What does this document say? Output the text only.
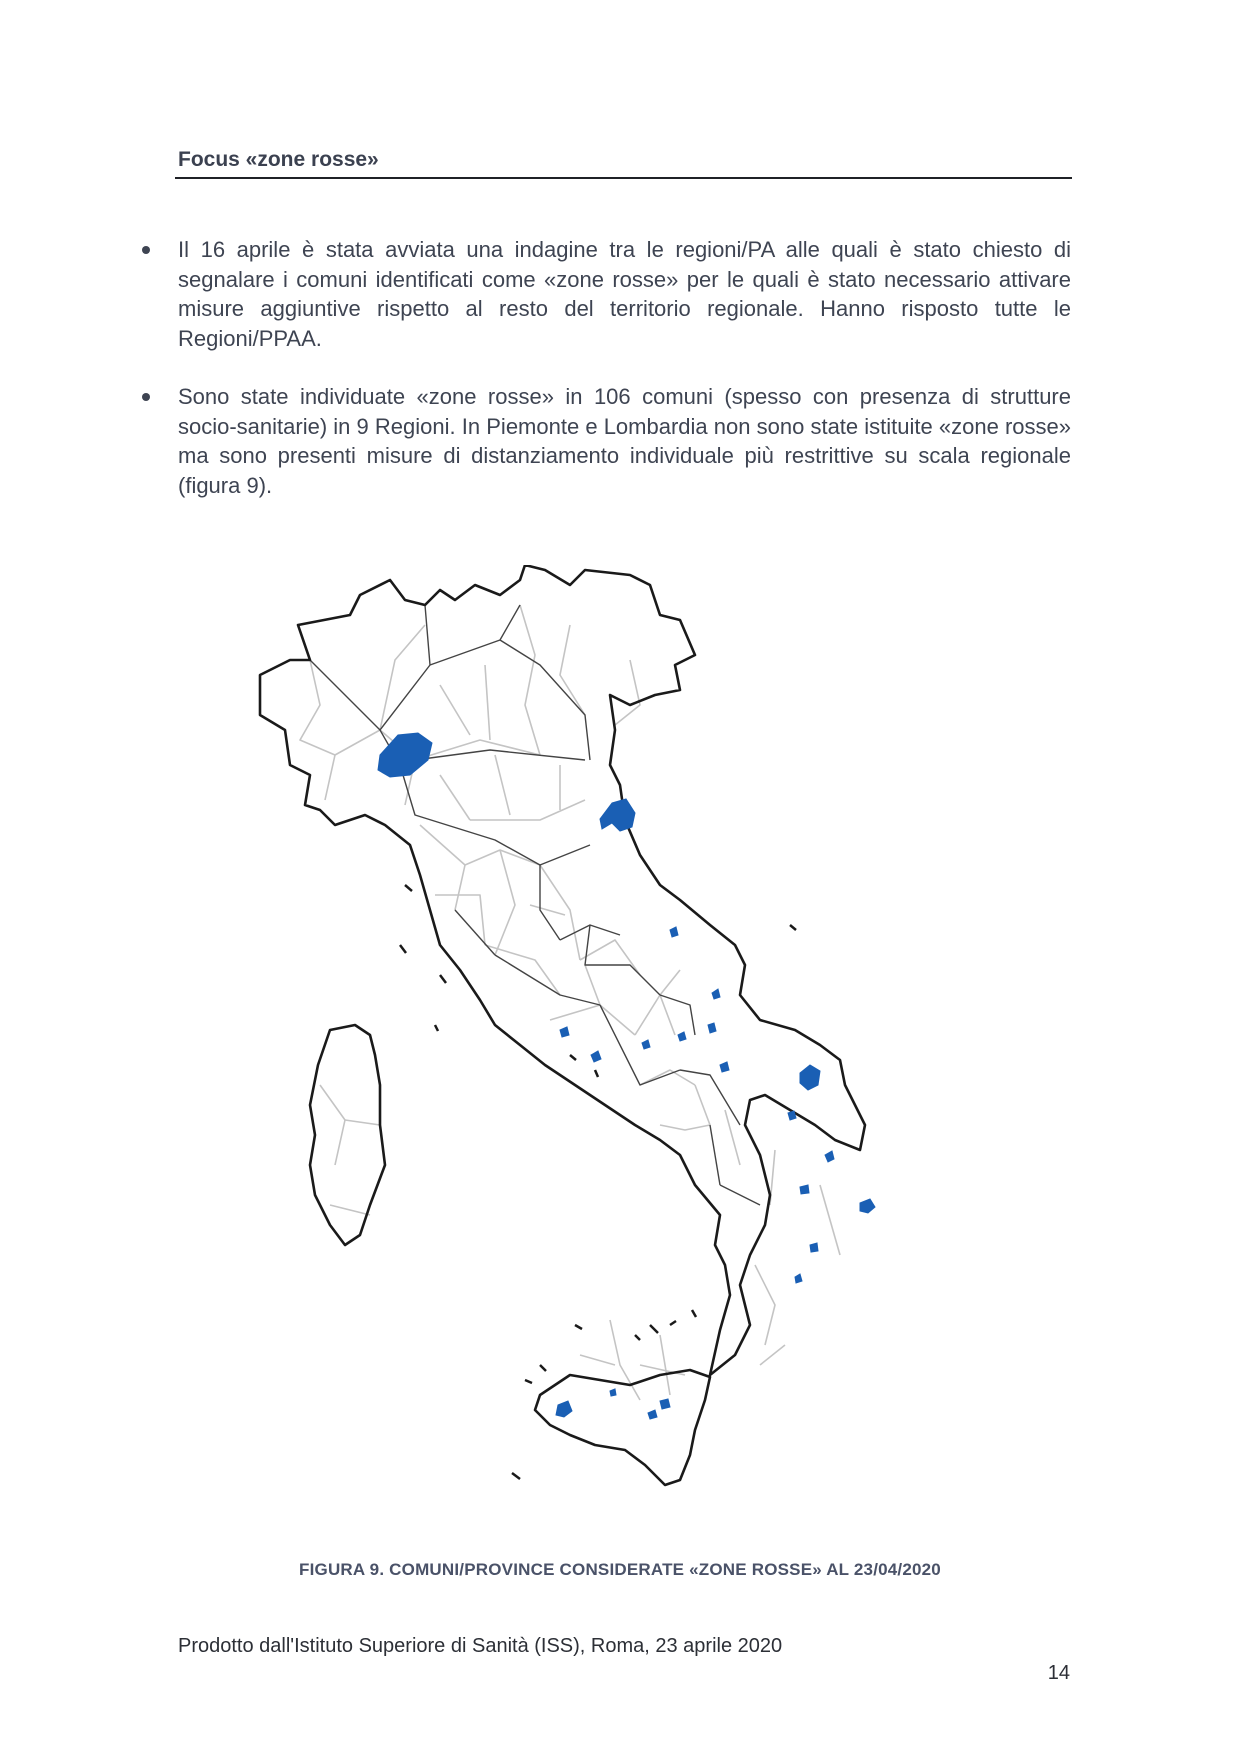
Focus «zone rosse»
Il 16 aprile è stata avviata una indagine tra le regioni/PA alle quali è stato chiesto di segnalare i comuni identificati come «zone rosse» per le quali è stato necessario attivare misure aggiuntive rispetto al resto del territorio regionale. Hanno risposto tutte le Regioni/PPAA.
Sono state individuate «zone rosse» in 106 comuni (spesso con presenza di strutture socio-sanitarie) in 9 Regioni. In Piemonte e Lombardia non sono state istituite «zone rosse» ma sono presenti misure di distanziamento individuale più restrittive su scala regionale (figura 9).
FIGURA 9. COMUNI/PROVINCE CONSIDERATE «ZONE ROSSE» AL 23/04/2020
Prodotto dall'Istituto Superiore di Sanità (ISS), Roma, 23 aprile 2020
14
